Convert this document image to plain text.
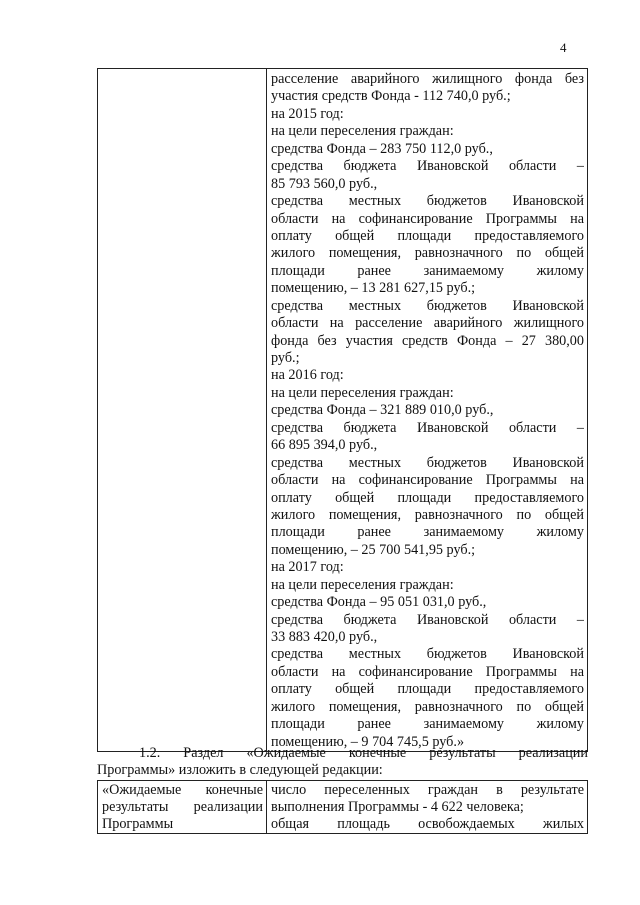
4

расселение аварийного жилищного фонда без
участия средств Фонда - 112 740,0 руб.;
на 2015 год:
на цели переселения граждан:
средства Фонда – 283 750 112,0 руб.,
средства бюджета Ивановской области –
85 793 560,0 руб.,
средства местных бюджетов Ивановской
области на софинансирование Программы на
оплату общей площади предоставляемого
жилого помещения, равнозначного по общей
площади ранее занимаемому жилому
помещению, – 13 281 627,15 руб.;
средства местных бюджетов Ивановской
области на расселение аварийного жилищного
фонда без участия средств Фонда – 27 380,00
руб.;
на 2016 год:
на цели переселения граждан:
средства Фонда – 321 889 010,0 руб.,
средства бюджета Ивановской области –
66 895 394,0 руб.,
средства местных бюджетов Ивановской
области на софинансирование Программы на
оплату общей площади предоставляемого
жилого помещения, равнозначного по общей
площади ранее занимаемому жилому
помещению, – 25 700 541,95 руб.;
на 2017 год:
на цели переселения граждан:
средства Фонда – 95 051 031,0 руб.,
средства бюджета Ивановской области –
33 883 420,0 руб.,
средства местных бюджетов Ивановской
области на софинансирование Программы на
оплату общей площади предоставляемого
жилого помещения, равнозначного по общей
площади ранее занимаемому жилому
помещению, – 9 704 745,5 руб.»
1.2. Раздел «Ожидаемые конечные результаты реализации
Программы» изложить в следующей редакции:
«Ожидаемые конечные
результаты реализации
Программы

число переселенных граждан в результате
выполнения Программы - 4 622 человека;
общая площадь освобождаемых жилых
